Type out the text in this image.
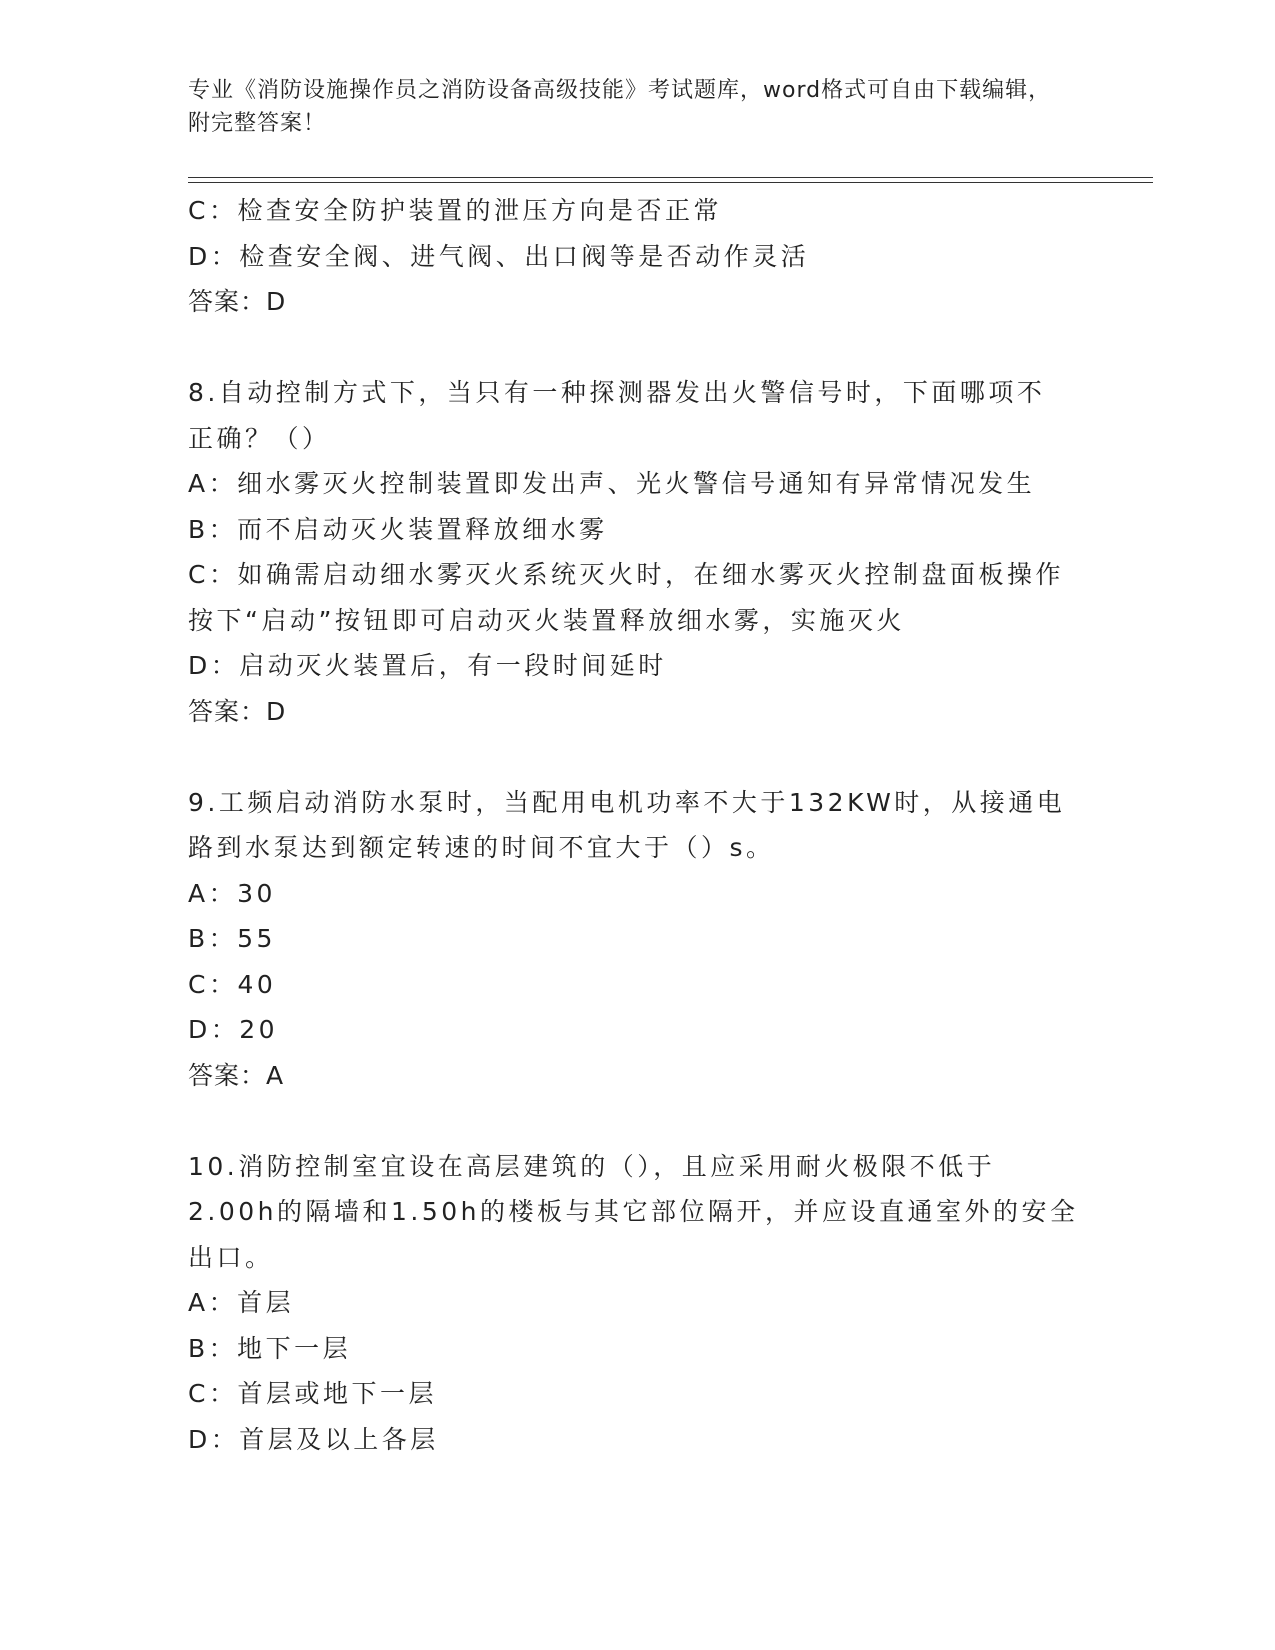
专业《消防设施操作员之消防设备高级技能》考试题库，word格式可自由下载编辑，附完整答案！
C：检查安全防护装置的泄压方向是否正常
D：检查安全阀、进气阀、出口阀等是否动作灵活
答案：D
8.自动控制方式下，当只有一种探测器发出火警信号时，下面哪项不
正确？（）
A：细水雾灭火控制装置即发出声、光火警信号通知有异常情况发生
B：而不启动灭火装置释放细水雾
C：如确需启动细水雾灭火系统灭火时，在细水雾灭火控制盘面板操作
按下“启动”按钮即可启动灭火装置释放细水雾，实施灭火
D：启动灭火装置后，有一段时间延时
答案：D
9.工频启动消防水泵时，当配用电机功率不大于132KW时，从接通电
路到水泵达到额定转速的时间不宜大于（）s。
A：30
B：55
C：40
D：20
答案：A
10.消防控制室宜设在高层建筑的（），且应采用耐火极限不低于
2.00h的隔墙和1.50h的楼板与其它部位隔开，并应设直通室外的安全
出口。
A：首层
B：地下一层
C：首层或地下一层
D：首层及以上各层
